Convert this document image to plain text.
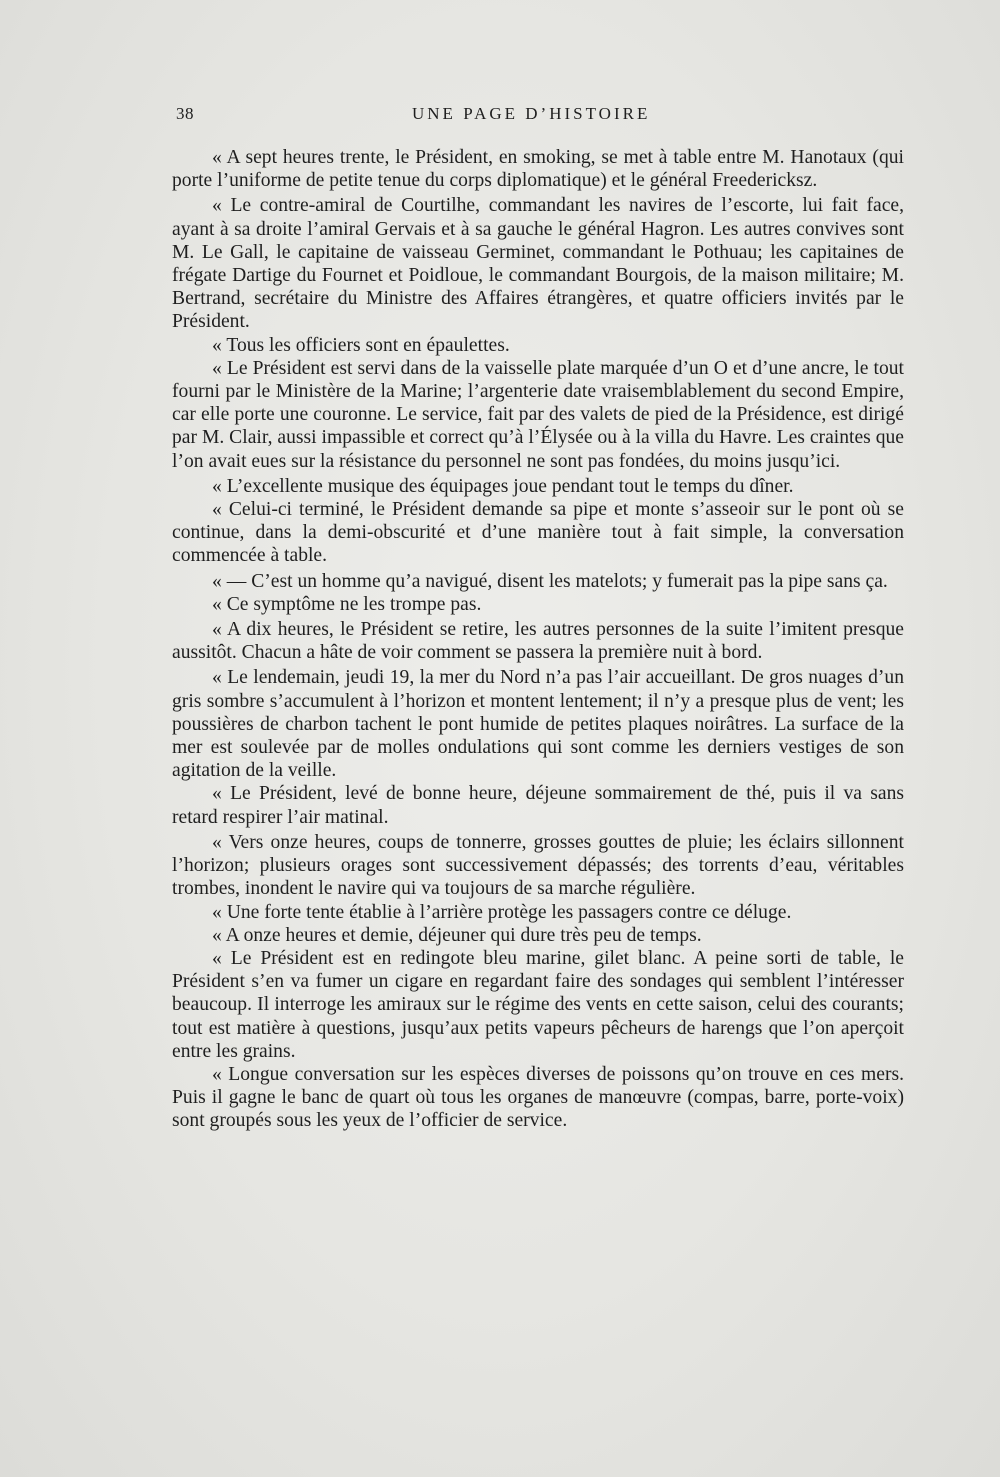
38	UNE PAGE D’HISTOIRE

« A sept heures trente, le Président, en smoking, se met à table entre M. Hanotaux (qui porte l’uniforme de petite tenue du corps diplomatique) et le général Freedericksz.

« Le contre-amiral de Courtilhe, commandant les navires de l’escorte, lui fait face, ayant à sa droite l’amiral Gervais et à sa gauche le général Hagron. Les autres convives sont M. Le Gall, le capitaine de vaisseau Germinet, commandant le Pothuau; les capitaines de frégate Dartige du Fournet et Poidloue, le commandant Bourgois, de la maison militaire; M. Bertrand, secrétaire du Ministre des Affaires étrangères, et quatre officiers invités par le Président.

« Tous les officiers sont en épaulettes.

« Le Président est servi dans de la vaisselle plate marquée d’un O et d’une ancre, le tout fourni par le Ministère de la Marine; l’argenterie date vraisemblablement du second Empire, car elle porte une couronne. Le service, fait par des valets de pied de la Présidence, est dirigé par M. Clair, aussi impassible et correct qu’à l’Élysée ou à la villa du Havre. Les craintes que l’on avait eues sur la résistance du personnel ne sont pas fondées, du moins jusqu’ici.

« L’excellente musique des équipages joue pendant tout le temps du dîner.

« Celui-ci terminé, le Président demande sa pipe et monte s’asseoir sur le pont où se continue, dans la demi-obscurité et d’une manière tout à fait simple, la conversation commencée à table.

« — C’est un homme qu’a navigué, disent les matelots; y fumerait pas la pipe sans ça.

« Ce symptôme ne les trompe pas.

« A dix heures, le Président se retire, les autres personnes de la suite l’imitent presque aussitôt. Chacun a hâte de voir comment se passera la première nuit à bord.

« Le lendemain, jeudi 19, la mer du Nord n’a pas l’air accueillant. De gros nuages d’un gris sombre s’accumulent à l’horizon et montent lentement; il n’y a presque plus de vent; les poussières de charbon tachent le pont humide de petites plaques noirâtres. La surface de la mer est soulevée par de molles ondulations qui sont comme les derniers vestiges de son agitation de la veille.

« Le Président, levé de bonne heure, déjeune sommairement de thé, puis il va sans retard respirer l’air matinal.

« Vers onze heures, coups de tonnerre, grosses gouttes de pluie; les éclairs sillonnent l’horizon; plusieurs orages sont successivement dépassés; des torrents d’eau, véritables trombes, inondent le navire qui va toujours de sa marche régulière.

« Une forte tente établie à l’arrière protège les passagers contre ce déluge.

« A onze heures et demie, déjeuner qui dure très peu de temps.

« Le Président est en redingote bleu marine, gilet blanc. A peine sorti de table, le Président s’en va fumer un cigare en regardant faire des sondages qui semblent l’intéresser beaucoup. Il interroge les amiraux sur le régime des vents en cette saison, celui des courants; tout est matière à questions, jusqu’aux petits vapeurs pêcheurs de harengs que l’on aperçoit entre les grains.

« Longue conversation sur les espèces diverses de poissons qu’on trouve en ces mers. Puis il gagne le banc de quart où tous les organes de manœuvre (compas, barre, porte-voix) sont groupés sous les yeux de l’officier de service.
